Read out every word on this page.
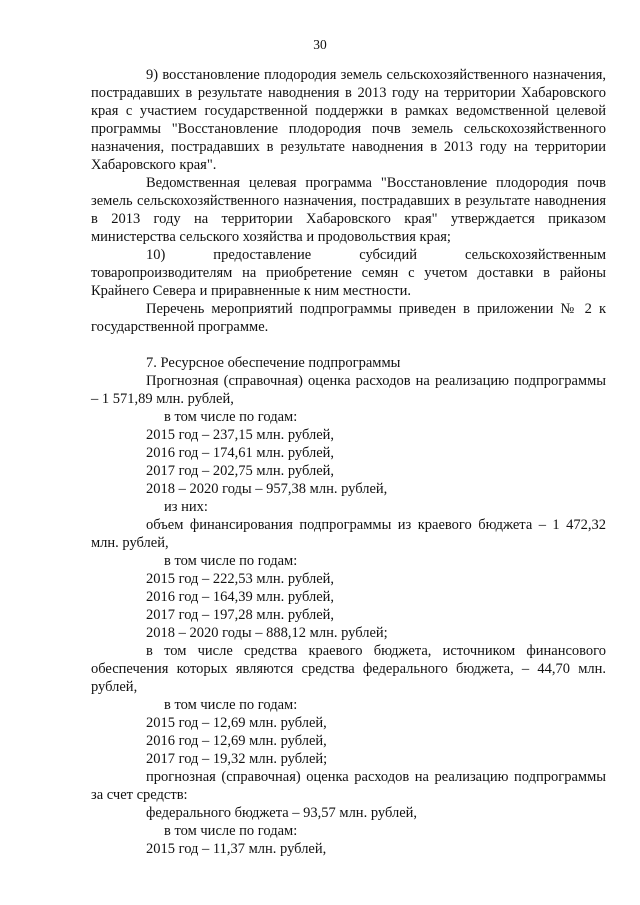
30

9) восстановление плодородия земель сельскохозяйственного назначения, пострадавших в результате наводнения в 2013 году на территории Хабаровского края с участием государственной поддержки в рамках ведомственной целевой программы "Восстановление плодородия почв земель сельскохозяйственного назначения, пострадавших в результате наводнения в 2013 году на территории Хабаровского края".

Ведомственная целевая программа "Восстановление плодородия почв земель сельскохозяйственного назначения, пострадавших в результате наводнения в 2013 году на территории Хабаровского края" утверждается приказом министерства сельского хозяйства и продовольствия края;

10) предоставление субсидий сельскохозяйственным товаропроизводителям на приобретение семян с учетом доставки в районы Крайнего Севера и приравненные к ним местности.

Перечень мероприятий подпрограммы приведен в приложении № 2 к государственной программе.

7. Ресурсное обеспечение подпрограммы

Прогнозная (справочная) оценка расходов на реализацию подпрограммы – 1 571,89 млн. рублей,

в том числе по годам:

2015 год – 237,15 млн. рублей,

2016 год – 174,61 млн. рублей,

2017 год – 202,75 млн. рублей,

2018 – 2020 годы – 957,38 млн. рублей,

из них:

объем финансирования подпрограммы из краевого бюджета – 1 472,32 млн. рублей,

в том числе по годам:

2015 год – 222,53 млн. рублей,

2016 год – 164,39 млн. рублей,

2017 год – 197,28 млн. рублей,

2018 – 2020 годы – 888,12 млн. рублей;

в том числе средства краевого бюджета, источником финансового обеспечения которых являются средства федерального бюджета, – 44,70 млн. рублей,

в том числе по годам:

2015 год – 12,69 млн. рублей,

2016 год – 12,69 млн. рублей,

2017 год – 19,32 млн. рублей;

прогнозная (справочная) оценка расходов на реализацию подпрограммы за счет средств:

федерального бюджета – 93,57 млн. рублей,

в том числе по годам:

2015 год – 11,37 млн. рублей,
